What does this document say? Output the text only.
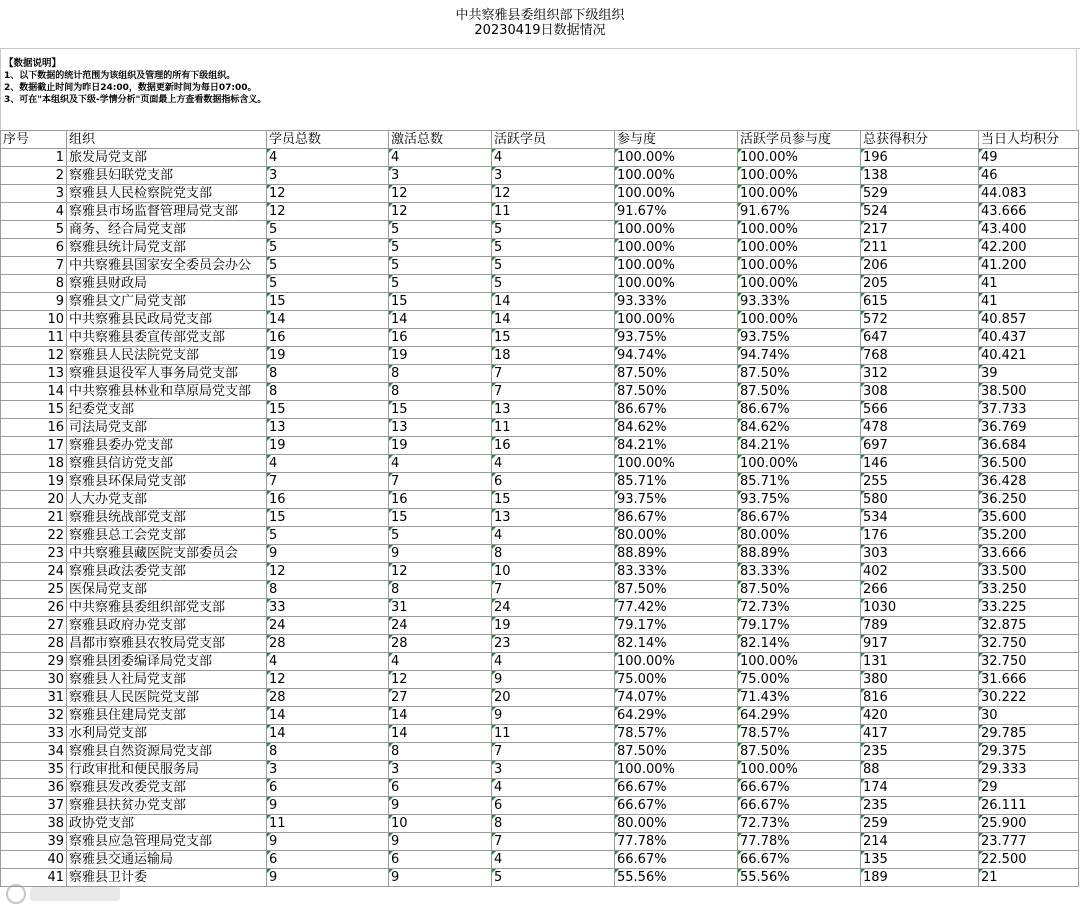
中共察雅县委组织部下级组织
20230419日数据情况
【数据说明】
1、以下数据的统计范围为该组织及管理的所有下级组织。
2、数据截止时间为昨日24:00，数据更新时间为每日07:00。
3、可在"本组织及下级-学情分析"页面最上方查看数据指标含义。
序号	组织	学员总数	激活总数	活跃学员	参与度	活跃学员参与度	总获得积分	当日人均积分
1	旅发局党支部	4	4	4	100.00%	100.00%	196	49
2	察雅县妇联党支部	3	3	3	100.00%	100.00%	138	46
3	察雅县人民检察院党支部	12	12	12	100.00%	100.00%	529	44.083
4	察雅县市场监督管理局党支部	12	12	11	91.67%	91.67%	524	43.666
5	商务、经合局党支部	5	5	5	100.00%	100.00%	217	43.400
6	察雅县统计局党支部	5	5	5	100.00%	100.00%	211	42.200
7	中共察雅县国家安全委员会办公	5	5	5	100.00%	100.00%	206	41.200
8	察雅县财政局	5	5	5	100.00%	100.00%	205	41
9	察雅县文广局党支部	15	15	14	93.33%	93.33%	615	41
10	中共察雅县民政局党支部	14	14	14	100.00%	100.00%	572	40.857
11	中共察雅县委宣传部党支部	16	16	15	93.75%	93.75%	647	40.437
12	察雅县人民法院党支部	19	19	18	94.74%	94.74%	768	40.421
13	察雅县退役军人事务局党支部	8	8	7	87.50%	87.50%	312	39
14	中共察雅县林业和草原局党支部	8	8	7	87.50%	87.50%	308	38.500
15	纪委党支部	15	15	13	86.67%	86.67%	566	37.733
16	司法局党支部	13	13	11	84.62%	84.62%	478	36.769
17	察雅县委办党支部	19	19	16	84.21%	84.21%	697	36.684
18	察雅县信访党支部	4	4	4	100.00%	100.00%	146	36.500
19	察雅县环保局党支部	7	7	6	85.71%	85.71%	255	36.428
20	人大办党支部	16	16	15	93.75%	93.75%	580	36.250
21	察雅县统战部党支部	15	15	13	86.67%	86.67%	534	35.600
22	察雅县总工会党支部	5	5	4	80.00%	80.00%	176	35.200
23	中共察雅县藏医院支部委员会	9	9	8	88.89%	88.89%	303	33.666
24	察雅县政法委党支部	12	12	10	83.33%	83.33%	402	33.500
25	医保局党支部	8	8	7	87.50%	87.50%	266	33.250
26	中共察雅县委组织部党支部	33	31	24	77.42%	72.73%	1030	33.225
27	察雅县政府办党支部	24	24	19	79.17%	79.17%	789	32.875
28	昌都市察雅县农牧局党支部	28	28	23	82.14%	82.14%	917	32.750
29	察雅县团委编译局党支部	4	4	4	100.00%	100.00%	131	32.750
30	察雅县人社局党支部	12	12	9	75.00%	75.00%	380	31.666
31	察雅县人民医院党支部	28	27	20	74.07%	71.43%	816	30.222
32	察雅县住建局党支部	14	14	9	64.29%	64.29%	420	30
33	水利局党支部	14	14	11	78.57%	78.57%	417	29.785
34	察雅县自然资源局党支部	8	8	7	87.50%	87.50%	235	29.375
35	行政审批和便民服务局	3	3	3	100.00%	100.00%	88	29.333
36	察雅县发改委党支部	6	6	4	66.67%	66.67%	174	29
37	察雅县扶贫办党支部	9	9	6	66.67%	66.67%	235	26.111
38	政协党支部	11	10	8	80.00%	72.73%	259	25.900
39	察雅县应急管理局党支部	9	9	7	77.78%	77.78%	214	23.777
40	察雅县交通运输局	6	6	4	66.67%	66.67%	135	22.500
41	察雅县卫计委	9	9	5	55.56%	55.56%	189	21
